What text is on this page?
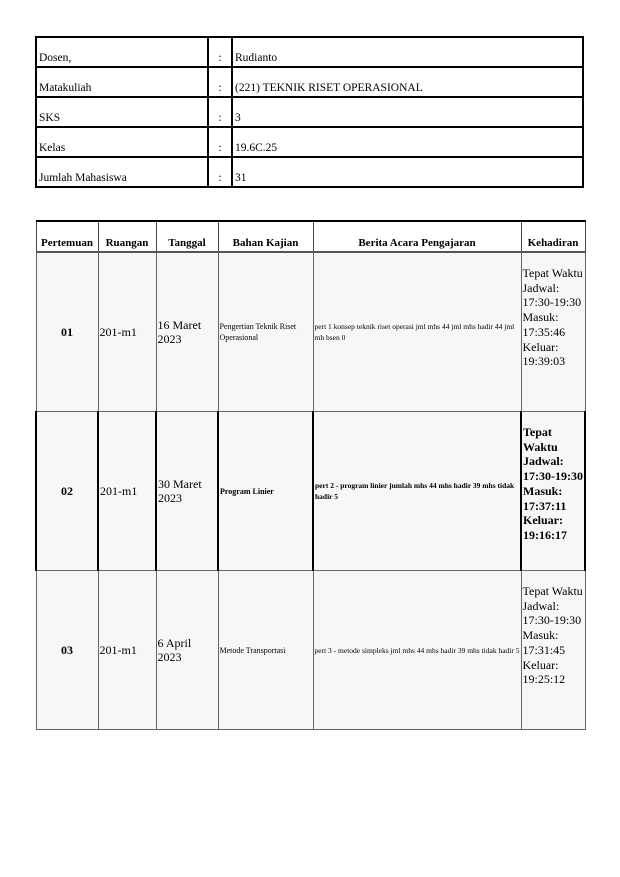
Dosen,	:	Rudianto
Matakuliah	:	(221) TEKNIK RISET OPERASIONAL
SKS	:	3
Kelas	:	19.6C.25
Jumlah Mahasiswa	:	31
Pertemuan	Ruangan	Tanggal	Bahan Kajian	Berita Acara Pengajaran	Kehadiran
01	201-m1	16 Maret 2023	Pengertian Teknik Riset Operasional	pert 1 konsep teknik riset operasi jml mhs 44 jml mhs hadir 44 jml mh bsen 0	Tepat Waktu
Jadwal: 17:30-19:30
Masuk: 17:35:46
Keluar: 19:39:03

02	201-m1	30 Maret 2023	Program Linier	pert 2 - program linier jumlah mhs 44 mhs hadir 39 mhs tidak hadir 5	Tepat Waktu
Jadwal: 17:30-19:30
Masuk: 17:37:11
Keluar: 19:16:17

03	201-m1	6 April 2023	Metode Transportasi	pert 3 - metode simpleks jml mhs 44 mhs hadir 39 mhs tidak hadir 5	Tepat Waktu
Jadwal: 17:30-19:30
Masuk: 17:31:45
Keluar: 19:25:12
